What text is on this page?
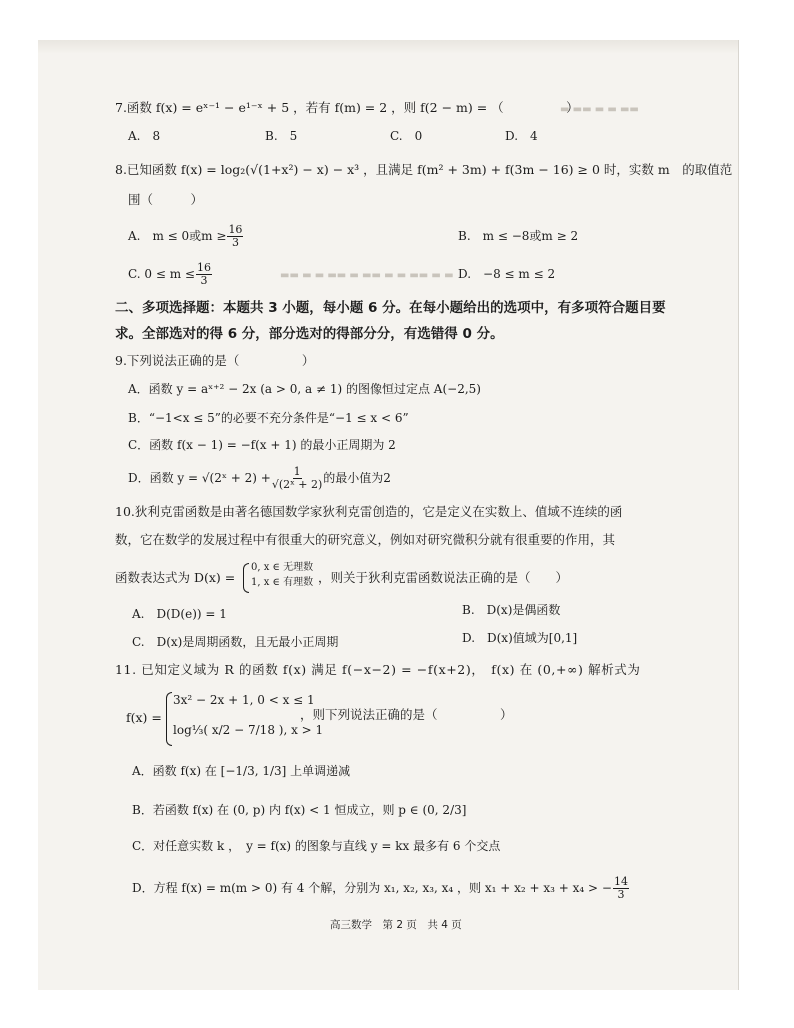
▬ ▬▬ ▬ ▬ ▬▬
▬▬ ▬ ▬ ▬▬ ▬ ▬▬ ▬ ▬ ▬▬ ▬ ▬
7.函数 f(x) = eˣ⁻¹ − e¹⁻ˣ + 5 ，若有 f(m) = 2 ，则 f(2 − m) = （　　　　　）
A.　8	B.　5	C.　0	D.　4
8.已知函数 f(x) = log₂(√(1+x²) − x) − x³ ，且满足 f(m² + 3m) + f(3m − 16) ≥ 0 时，实数 m　的取值范
围（　　　）
A.　m ≤ 0或$m \ge \frac{16}{3}$	B.　m ≤ −8或m ≥ 2
C. $0 \le m \le \frac{16}{3}$	D.　−8 ≤ m ≤ 2
二、多项选择题：本题共 3 小题，每小题 6 分。在每小题给出的选项中，有多项符合题目要
求。全部选对的得 6 分，部分选对的得部分分，有选错得 0 分。
9.下列说法正确的是（　　　　　）
A．函数 y = aˣ⁺² − 2x (a > 0, a ≠ 1) 的图像恒过定点 A(−2,5)
B．“−1<x ≤ 5”的必要不充分条件是“−1 ≤ x < 6”
C．函数 f(x − 1) = −f(x + 1) 的最小正周期为 2
D．函数 y = √(2ˣ + $2) + \frac{1}{\text{√(2ˣ + 2)}}$ 的最小值为2
10.狄利克雷函数是由著名德国数学家狄利克雷创造的，它是定义在实数上、值域不连续的函
数，它在数学的发展过程中有很重大的研究意义，例如对研究微积分就有很重要的作用，其
函数表达式为 D(x) =
0, x ∈ 无理数
1, x ∈ 有理数 ，则关于狄利克雷函数说法正确的是（　　）
A.　D(D(e)) = 1	B.　D(x)是偶函数
C.　D(x)是周期函数，且无最小正周期	D.　D(x)值域为[0,1]
11. 已知定义域为 R 的函数 f(x) 满足 f(−x−2) = −f(x+2)，　f(x) 在 (0,+∞) 解析式为
f(x) =
3x² − 2x + 1, 0 < x ≤ 1
log⅓( x/2 − 7/18 ), x > 1
，则下列说法正确的是（　　　　　）
A．函数 f(x) 在 [−1/3, 1/3] 上单调递减
B．若函数 f(x) 在 (0, p) 内 f(x) < 1 恒成立，则 p ∈ (0, 2/3]
C．对任意实数 k ，　y = f(x) 的图象与直线 y = kx 最多有 6 个交点
D．方程 f(x) = m(m > 0) 有 4 个解，分别为 x₁, x₂, x₃, x₄ ，则 x₁ + x₂ + x₃ + x₄ > − $\frac{14}{3}$
高三数学　第 2 页　共 4 页
